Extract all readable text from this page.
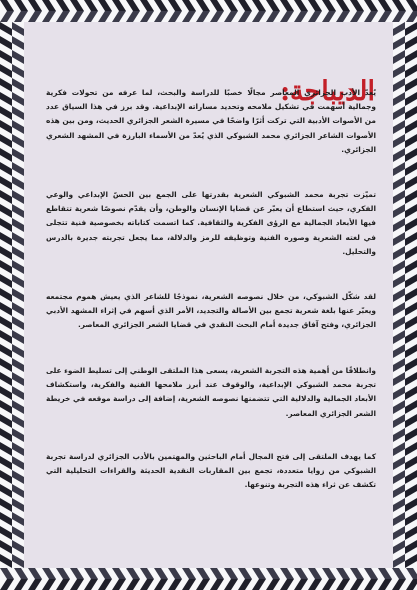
الديباجة:
يُعدّ الأدب الجزائري المعاصر مجالًا خصبًا للدراسة والبحث، لما عرفه من تحولات فكرية وجمالية أسهمت في تشكيل ملامحه وتحديد مساراته الإبداعية. وقد برز في هذا السياق عدد من الأصوات الأدبية التي تركت أثرًا واضحًا في مسيرة الشعر الجزائري الحديث، ومن بين هذه الأصوات الشاعر الجزائري محمد الشبوكي الذي يُعدّ من الأسماء البارزة في المشهد الشعري الجزائري.
تميّزت تجربة محمد الشبوكي الشعرية بقدرتها على الجمع بين الحسّ الإبداعي والوعي الفكري، حيث استطاع أن يعبّر عن قضايا الإنسان والوطن، وأن يقدّم نصوصًا شعرية تتقاطع فيها الأبعاد الجمالية مع الرؤى الفكرية والثقافية. كما اتسمت كتاباته بخصوصية فنية تتجلى في لغته الشعرية وصوره الفنية وتوظيفه للرمز والدلالة، مما يجعل تجربته جديرة بالدرس والتحليل.
لقد شكّل الشبوكي، من خلال نصوصه الشعرية، نموذجًا للشاعر الذي يعيش هموم مجتمعه ويعبّر عنها بلغة شعرية تجمع بين الأصالة والتجديد، الأمر الذي أسهم في إثراء المشهد الأدبي الجزائري، وفتح آفاق جديدة أمام البحث النقدي في قضايا الشعر الجزائري المعاصر.
وانطلاقًا من أهمية هذه التجربة الشعرية، يسعى هذا الملتقى الوطني إلى تسليط الضوء على تجربة محمد الشبوكي الإبداعية، والوقوف عند أبرز ملامحها الفنية والفكرية، واستكشاف الأبعاد الجمالية والدلالية التي تتضمنها نصوصه الشعرية، إضافة إلى دراسة موقعه في خريطة الشعر الجزائري المعاصر.
كما يهدف الملتقى إلى فتح المجال أمام الباحثين والمهتمين بالأدب الجزائري لدراسة تجربة الشبوكي من زوايا متعددة، تجمع بين المقاربات النقدية الحديثة والقراءات التحليلية التي تكشف عن ثراء هذه التجربة وتنوعها.
